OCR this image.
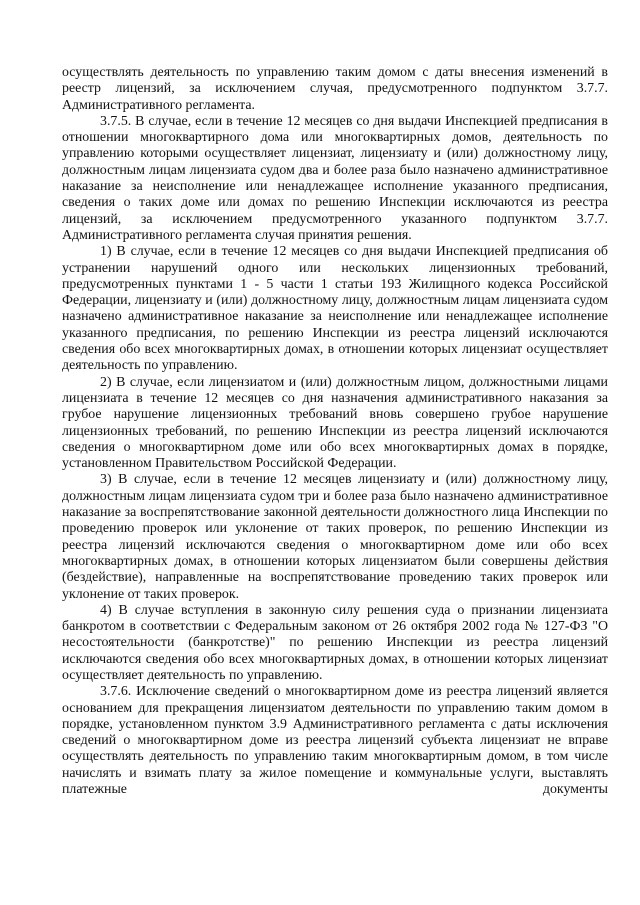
осуществлять деятельность по управлению таким домом с даты внесения изменений в реестр лицензий, за исключением случая, предусмотренного подпунктом 3.7.7. Административного регламента.

3.7.5. В случае, если в течение 12 месяцев со дня выдачи Инспекцией предписания в отношении многоквартирного дома или многоквартирных домов, деятельность по управлению которыми осуществляет лицензиат, лицензиату и (или) должностному лицу, должностным лицам лицензиата судом два и более раза было назначено административное наказание за неисполнение или ненадлежащее исполнение указанного предписания, сведения о таких доме или домах по решению Инспекции исключаются из реестра лицензий, за исключением предусмотренного указанного подпунктом 3.7.7. Административного регламента случая принятия решения.

1) В случае, если в течение 12 месяцев со дня выдачи Инспекцией предписания об устранении нарушений одного или нескольких лицензионных требований, предусмотренных пунктами 1 - 5 части 1 статьи 193 Жилищного кодекса Российской Федерации, лицензиату и (или) должностному лицу, должностным лицам лицензиата судом назначено административное наказание за неисполнение или ненадлежащее исполнение указанного предписания, по решению Инспекции из реестра лицензий исключаются сведения обо всех многоквартирных домах, в отношении которых лицензиат осуществляет деятельность по управлению.

2) В случае, если лицензиатом и (или) должностным лицом, должностными лицами лицензиата в течение 12 месяцев со дня назначения административного наказания за грубое нарушение лицензионных требований вновь совершено грубое нарушение лицензионных требований, по решению Инспекции из реестра лицензий исключаются сведения о многоквартирном доме или обо всех многоквартирных домах в порядке, установленном Правительством Российской Федерации.

3) В случае, если в течение 12 месяцев лицензиату и (или) должностному лицу, должностным лицам лицензиата судом три и более раза было назначено административное наказание за воспрепятствование законной деятельности должностного лица Инспекции по проведению проверок или уклонение от таких проверок, по решению Инспекции из реестра лицензий исключаются сведения о многоквартирном доме или обо всех многоквартирных домах, в отношении которых лицензиатом были совершены действия (бездействие), направленные на воспрепятствование проведению таких проверок или уклонение от таких проверок.

4) В случае вступления в законную силу решения суда о признании лицензиата банкротом в соответствии с Федеральным законом от 26 октября 2002 года № 127-ФЗ "О несостоятельности (банкротстве)" по решению Инспекции из реестра лицензий исключаются сведения обо всех многоквартирных домах, в отношении которых лицензиат осуществляет деятельность по управлению.

3.7.6. Исключение сведений о многоквартирном доме из реестра лицензий является основанием для прекращения лицензиатом деятельности по управлению таким домом в порядке, установленном пунктом 3.9 Административного регламента с даты исключения сведений о многоквартирном доме из реестра лицензий субъекта лицензиат не вправе осуществлять деятельность по управлению таким многоквартирным домом, в том числе начислять и взимать плату за жилое помещение и коммунальные услуги, выставлять платежные документы
